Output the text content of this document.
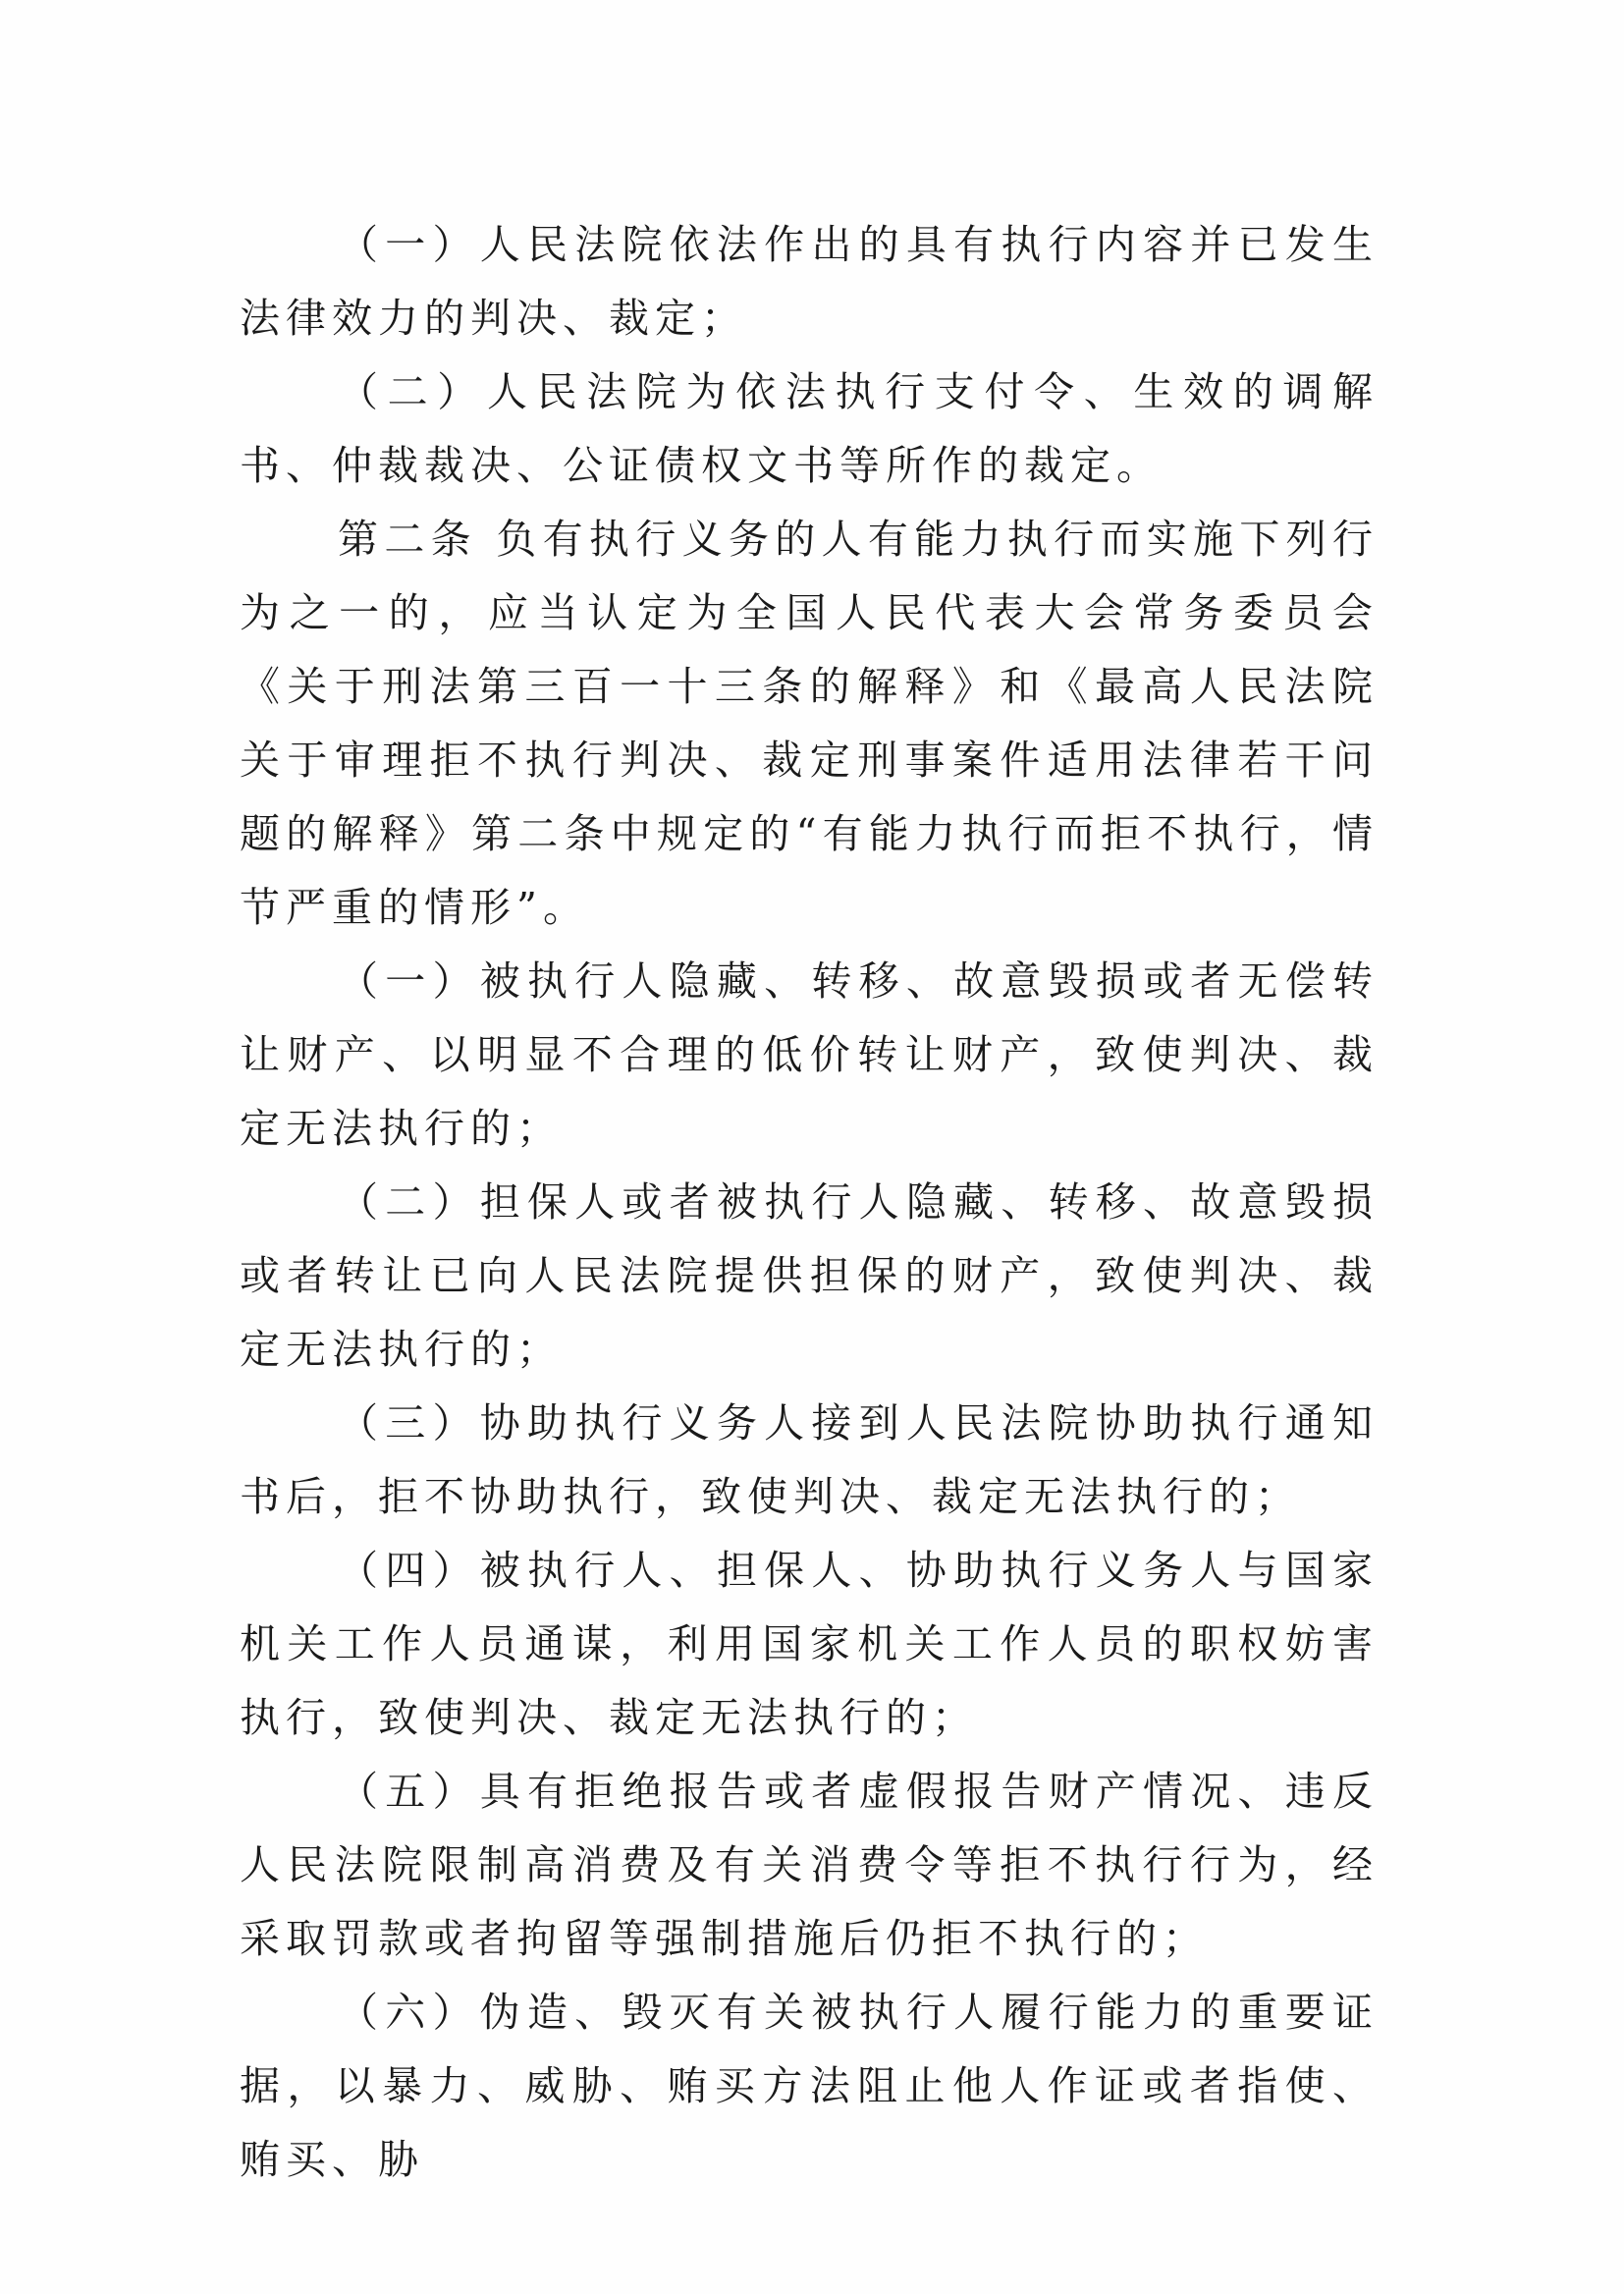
（一）人民法院依法作出的具有执行内容并已发生法律效力的判决、裁定；

（二）人民法院为依法执行支付令、生效的调解书、仲裁裁决、公证债权文书等所作的裁定。

第二条 负有执行义务的人有能力执行而实施下列行为之一的，应当认定为全国人民代表大会常务委员会《关于刑法第三百一十三条的解释》和《最高人民法院关于审理拒不执行判决、裁定刑事案件适用法律若干问题的解释》第二条中规定的“有能力执行而拒不执行，情节严重的情形”。

（一）被执行人隐藏、转移、故意毁损或者无偿转让财产、以明显不合理的低价转让财产，致使判决、裁定无法执行的；

（二）担保人或者被执行人隐藏、转移、故意毁损或者转让已向人民法院提供担保的财产，致使判决、裁定无法执行的；

（三）协助执行义务人接到人民法院协助执行通知书后，拒不协助执行，致使判决、裁定无法执行的；

（四）被执行人、担保人、协助执行义务人与国家机关工作人员通谋，利用国家机关工作人员的职权妨害执行，致使判决、裁定无法执行的；

（五）具有拒绝报告或者虚假报告财产情况、违反人民法院限制高消费及有关消费令等拒不执行行为，经采取罚款或者拘留等强制措施后仍拒不执行的；

（六）伪造、毁灭有关被执行人履行能力的重要证据，以暴力、威胁、贿买方法阻止他人作证或者指使、贿买、胁
